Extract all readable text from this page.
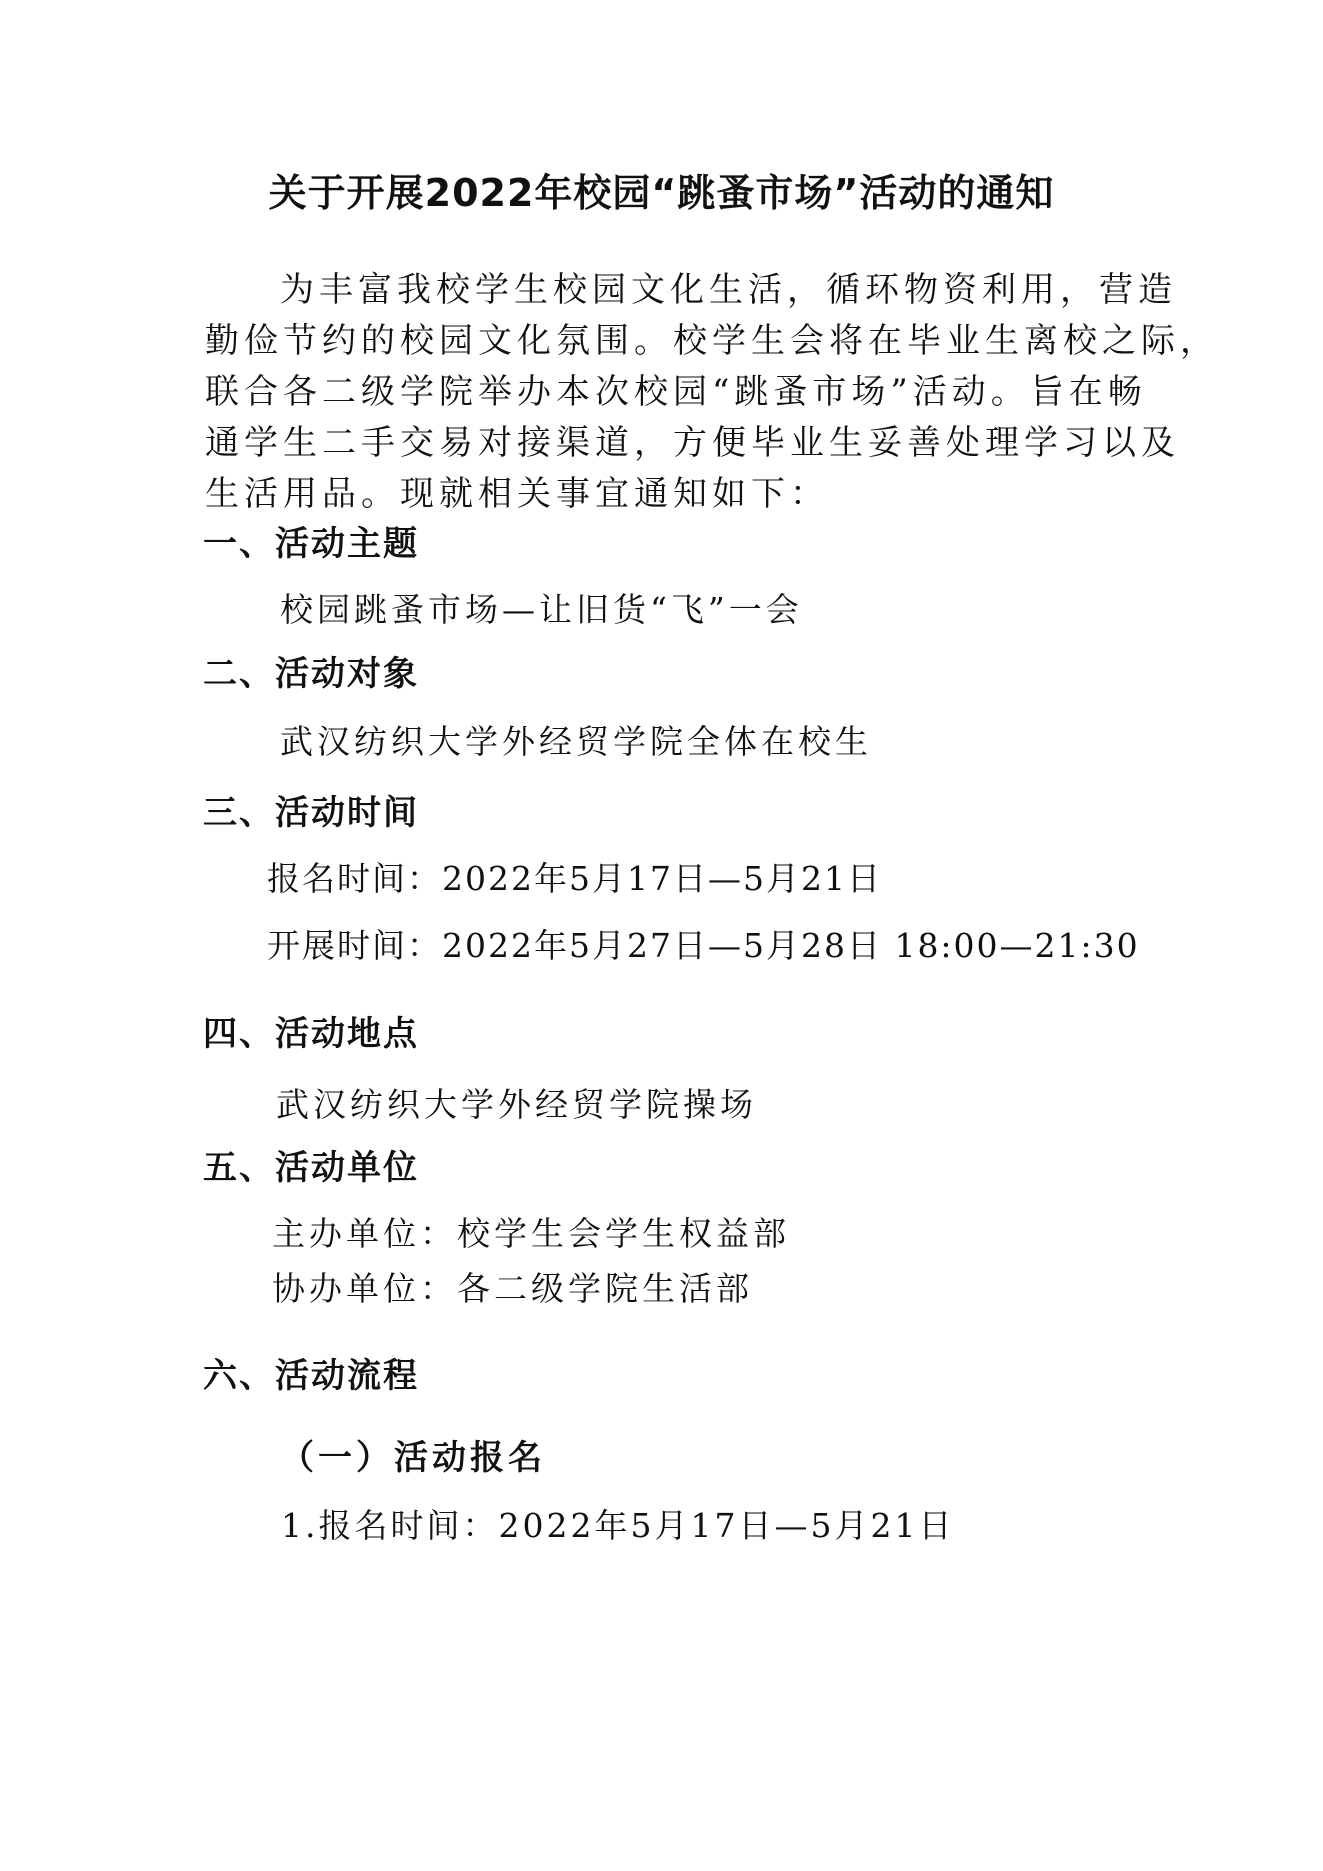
关于开展2022年校园“跳蚤市场”活动的通知
为丰富我校学生校园文化生活，循环物资利用，营造
勤俭节约的校园文化氛围。校学生会将在毕业生离校之际，
联合各二级学院举办本次校园“跳蚤市场”活动。旨在畅
通学生二手交易对接渠道，方便毕业生妥善处理学习以及
生活用品。现就相关事宜通知如下：
一、活动主题
校园跳蚤市场—让旧货“飞”一会
二、活动对象
武汉纺织大学外经贸学院全体在校生
三、活动时间
报名时间：2022年5月17日—5月21日
开展时间：2022年5月27日—5月28日 18:00—21:30
四、活动地点
武汉纺织大学外经贸学院操场
五、活动单位
主办单位：校学生会学生权益部
协办单位：各二级学院生活部
六、活动流程
（一）活动报名
1.报名时间：2022年5月17日—5月21日
